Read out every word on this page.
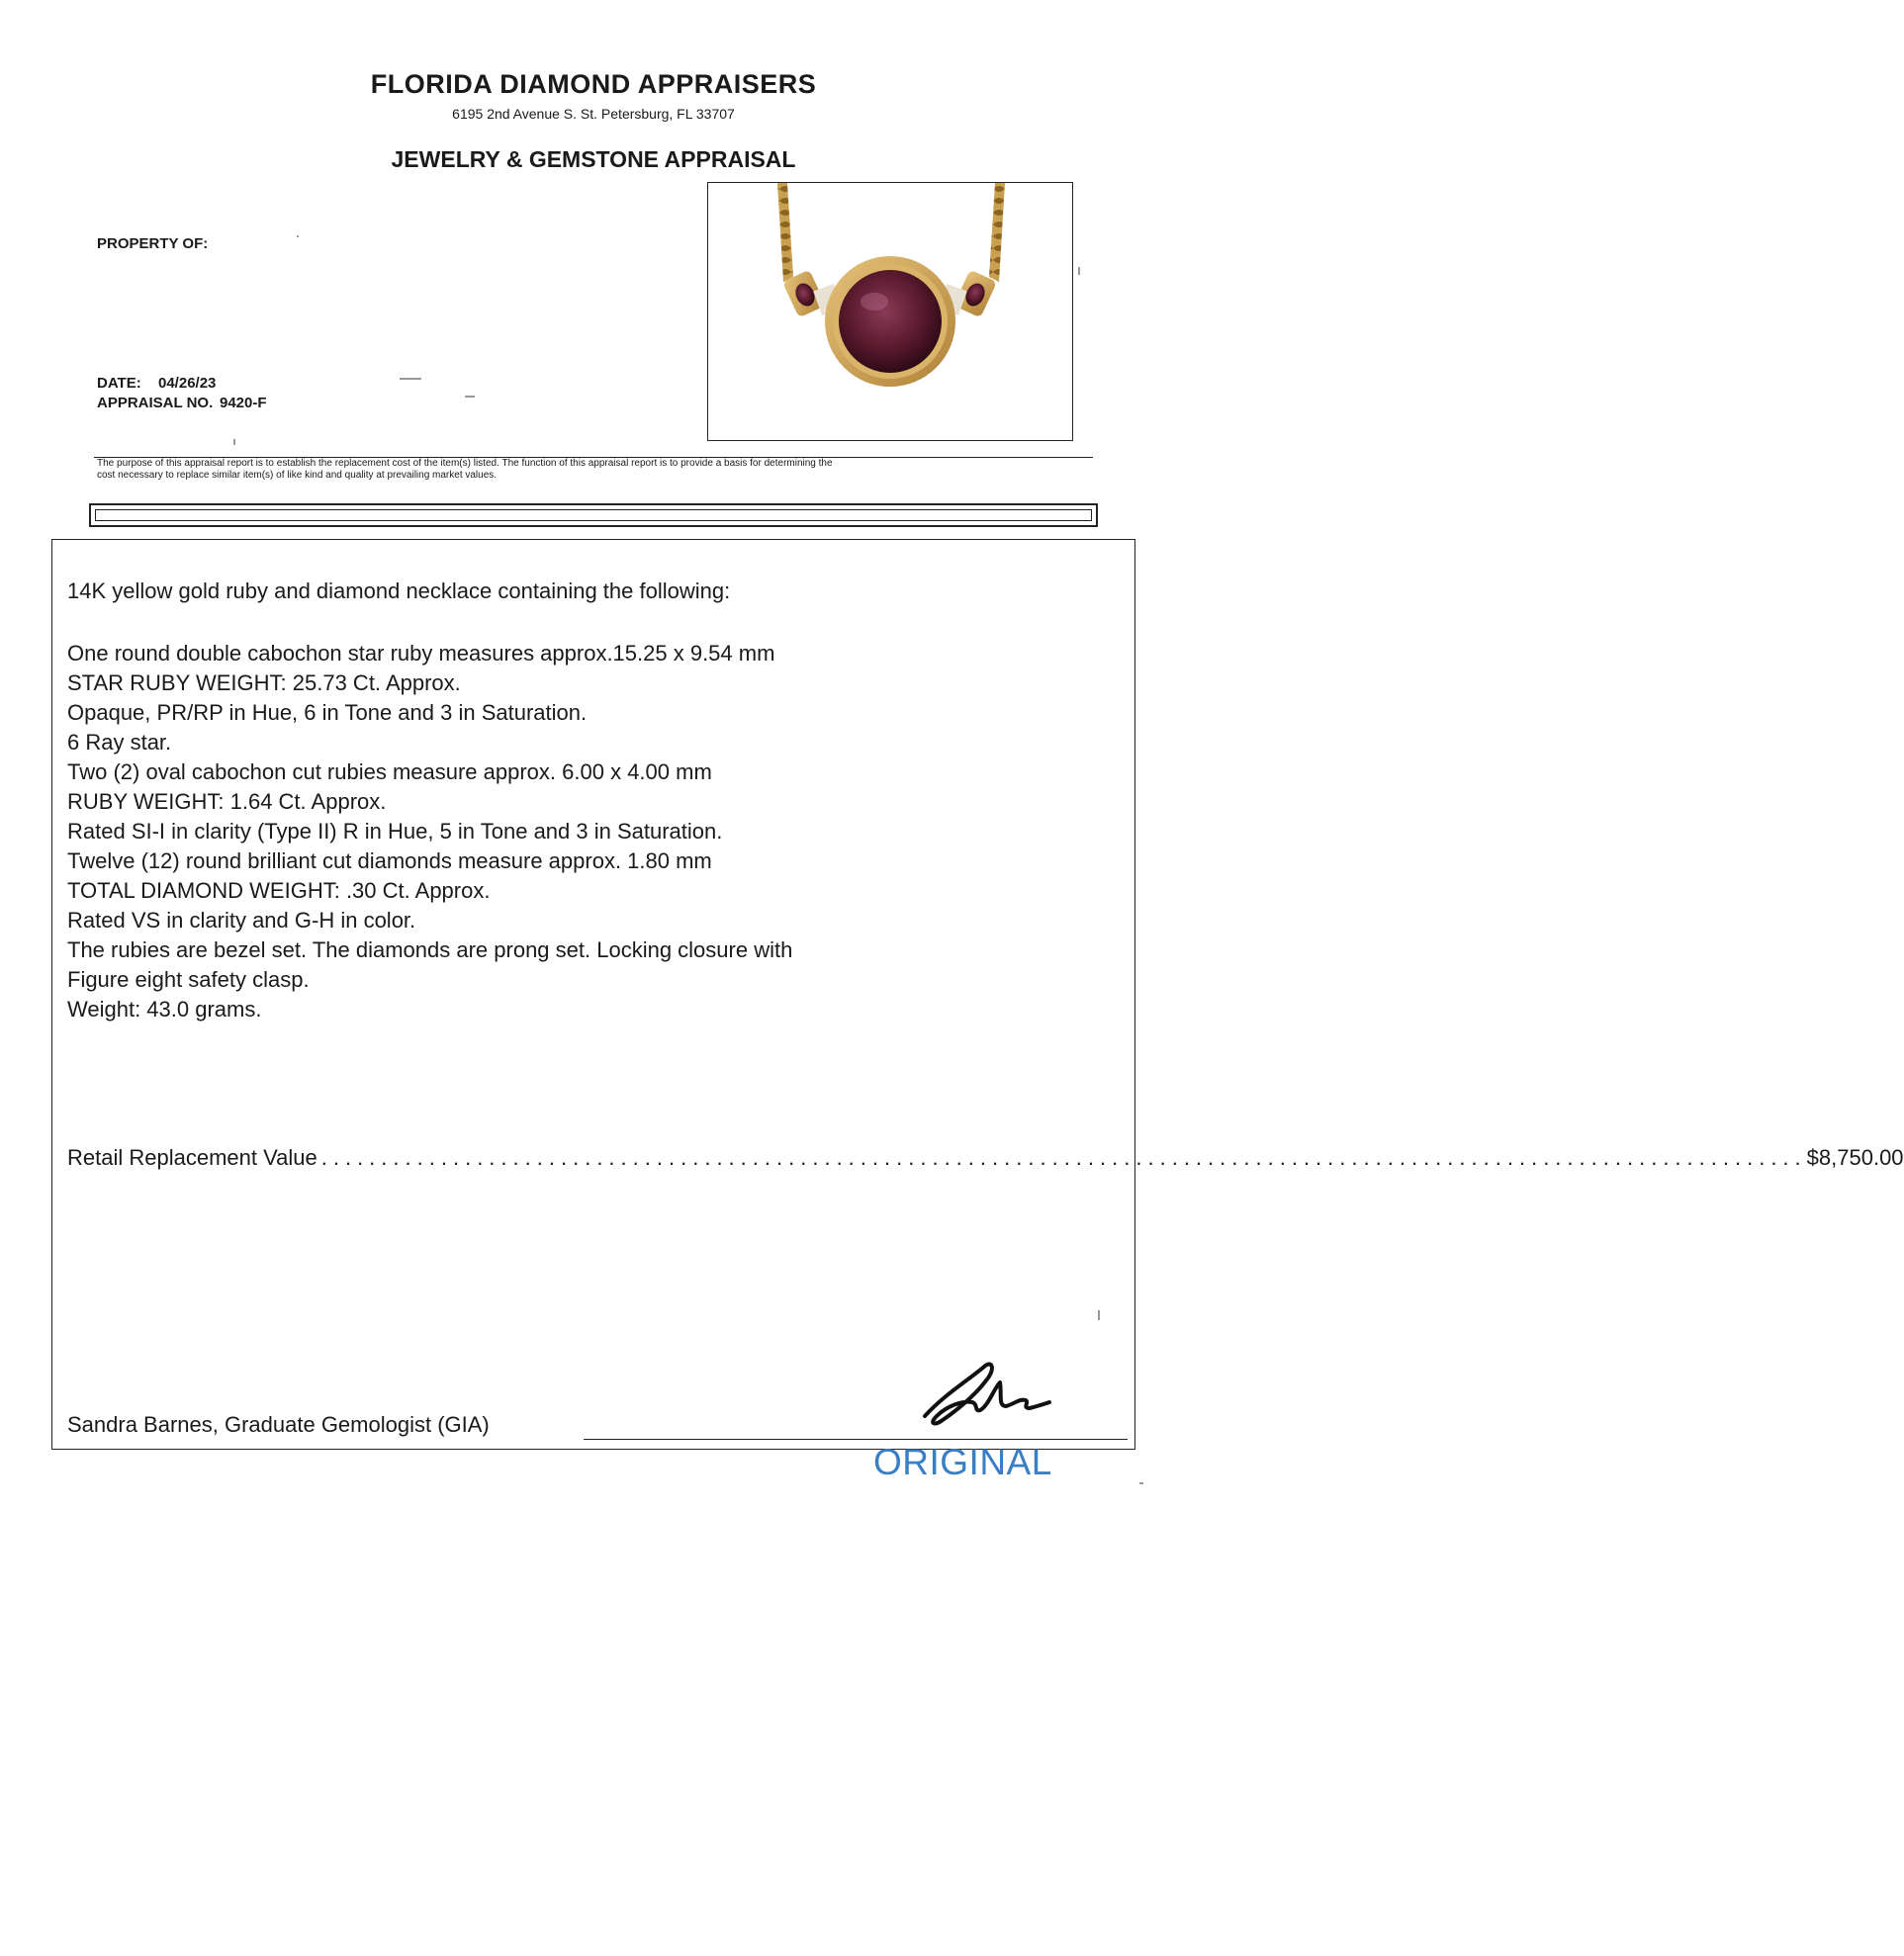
FLORIDA DIAMOND APPRAISERS
6195 2nd Avenue S. St. Petersburg, FL 33707
JEWELRY & GEMSTONE APPRAISAL
PROPERTY OF:
DATE: 04/26/23
APPRAISAL NO. 9420-F
The purpose of this appraisal report is to establish the replacement cost of the item(s) listed. The function of this appraisal report is to provide a basis for determining the
cost necessary to replace similar item(s) of like kind and quality at prevailing market values.
14K yellow gold ruby and diamond necklace containing the following:
One round double cabochon star ruby measures approx.15.25 x 9.54 mm
STAR RUBY WEIGHT: 25.73 Ct. Approx.
Opaque, PR/RP in Hue, 6 in Tone and 3 in Saturation.
6 Ray star.
Two (2) oval cabochon cut rubies measure approx. 6.00 x 4.00 mm
RUBY WEIGHT: 1.64 Ct. Approx.
Rated SI-I in clarity (Type II) R in Hue, 5 in Tone and 3 in Saturation.
Twelve (12) round brilliant cut diamonds measure approx. 1.80 mm
TOTAL DIAMOND WEIGHT: .30 Ct. Approx.
Rated VS in clarity and G-H in color.
The rubies are bezel set. The diamonds are prong set. Locking closure with
Figure eight safety clasp.
Weight: 43.0 grams.
Retail Replacement Value ............................................................................................................................ $8,750.00
Sandra Barnes, Graduate Gemologist (GIA)
ORIGINAL
